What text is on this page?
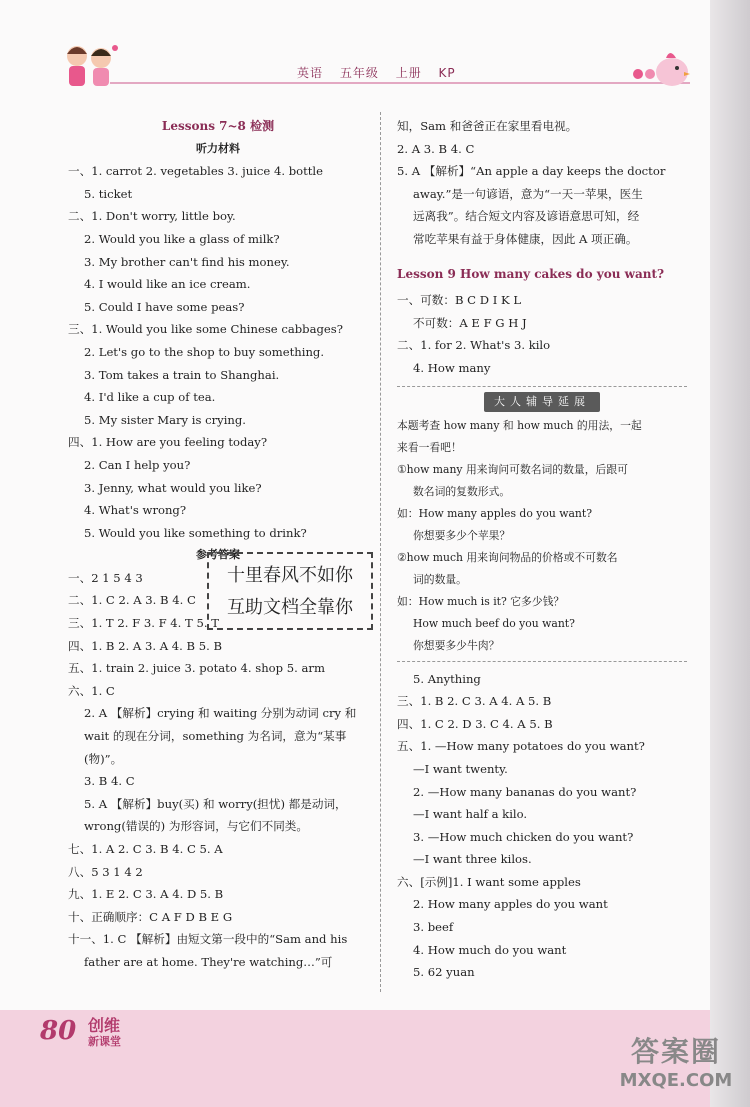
英语 五年级 上册 KP
Lessons 7~8 检测
听力材料
一、1. carrot 2. vegetables 3. juice 4. bottle
5. ticket
二、1. Don't worry, little boy.
2. Would you like a glass of milk?
3. My brother can't find his money.
4. I would like an ice cream.
5. Could I have some peas?
三、1. Would you like some Chinese cabbages?
2. Let's go to the shop to buy something.
3. Tom takes a train to Shanghai.
4. I'd like a cup of tea.
5. My sister Mary is crying.
四、1. How are you feeling today?
2. Can I help you?
3. Jenny, what would you like?
4. What's wrong?
5. Would you like something to drink?
参考答案
一、2 1 5 4 3
二、1. C 2. A 3. B 4. C
三、1. T 2. F 3. F 4. T 5. T
四、1. B 2. A 3. A 4. B 5. B
五、1. train 2. juice 3. potato 4. shop 5. arm
六、1. C
2. A 【解析】crying 和 waiting 分别为动词 cry 和
wait 的现在分词，something 为名词，意为“某事
(物)”。
3. B 4. C
5. A 【解析】buy(买) 和 worry(担忧) 都是动词，
wrong(错误的) 为形容词，与它们不同类。
七、1. A 2. C 3. B 4. C 5. A
八、5 3 1 4 2
九、1. E 2. C 3. A 4. D 5. B
十、正确顺序：C A F D B E G
十一、1. C 【解析】由短文第一段中的“Sam and his
father are at home. They're watching…”可
十里春风不如你
互助文档全靠你
知，Sam 和爸爸正在家里看电视。
2. A 3. B 4. C
5. A 【解析】“An apple a day keeps the doctor
away.”是一句谚语，意为“一天一苹果，医生
远离我”。结合短文内容及谚语意思可知，经
常吃苹果有益于身体健康，因此 A 项正确。
Lesson 9 How many cakes do you want?
一、可数：B C D I K L
不可数：A E F G H J
二、1. for 2. What's 3. kilo
4. How many
大人辅导延展
本题考查 how many 和 how much 的用法，一起
来看一看吧！
①how many 用来询问可数名词的数量，后跟可
数名词的复数形式。
如：How many apples do you want?
你想要多少个苹果？
②how much 用来询问物品的价格或不可数名
词的数量。
如：How much is it? 它多少钱？
How much beef do you want?
你想要多少牛肉？
5. Anything
三、1. B 2. C 3. A 4. A 5. B
四、1. C 2. D 3. C 4. A 5. B
五、1. —How many potatoes do you want?
—I want twenty.
2. —How many bananas do you want?
—I want half a kilo.
3. —How much chicken do you want?
—I want three kilos.
六、[示例]1. I want some apples
2. How many apples do you want
3. beef
4. How much do you want
5. 62 yuan
80 创维
新课堂	答案圈
MXQE.COM
